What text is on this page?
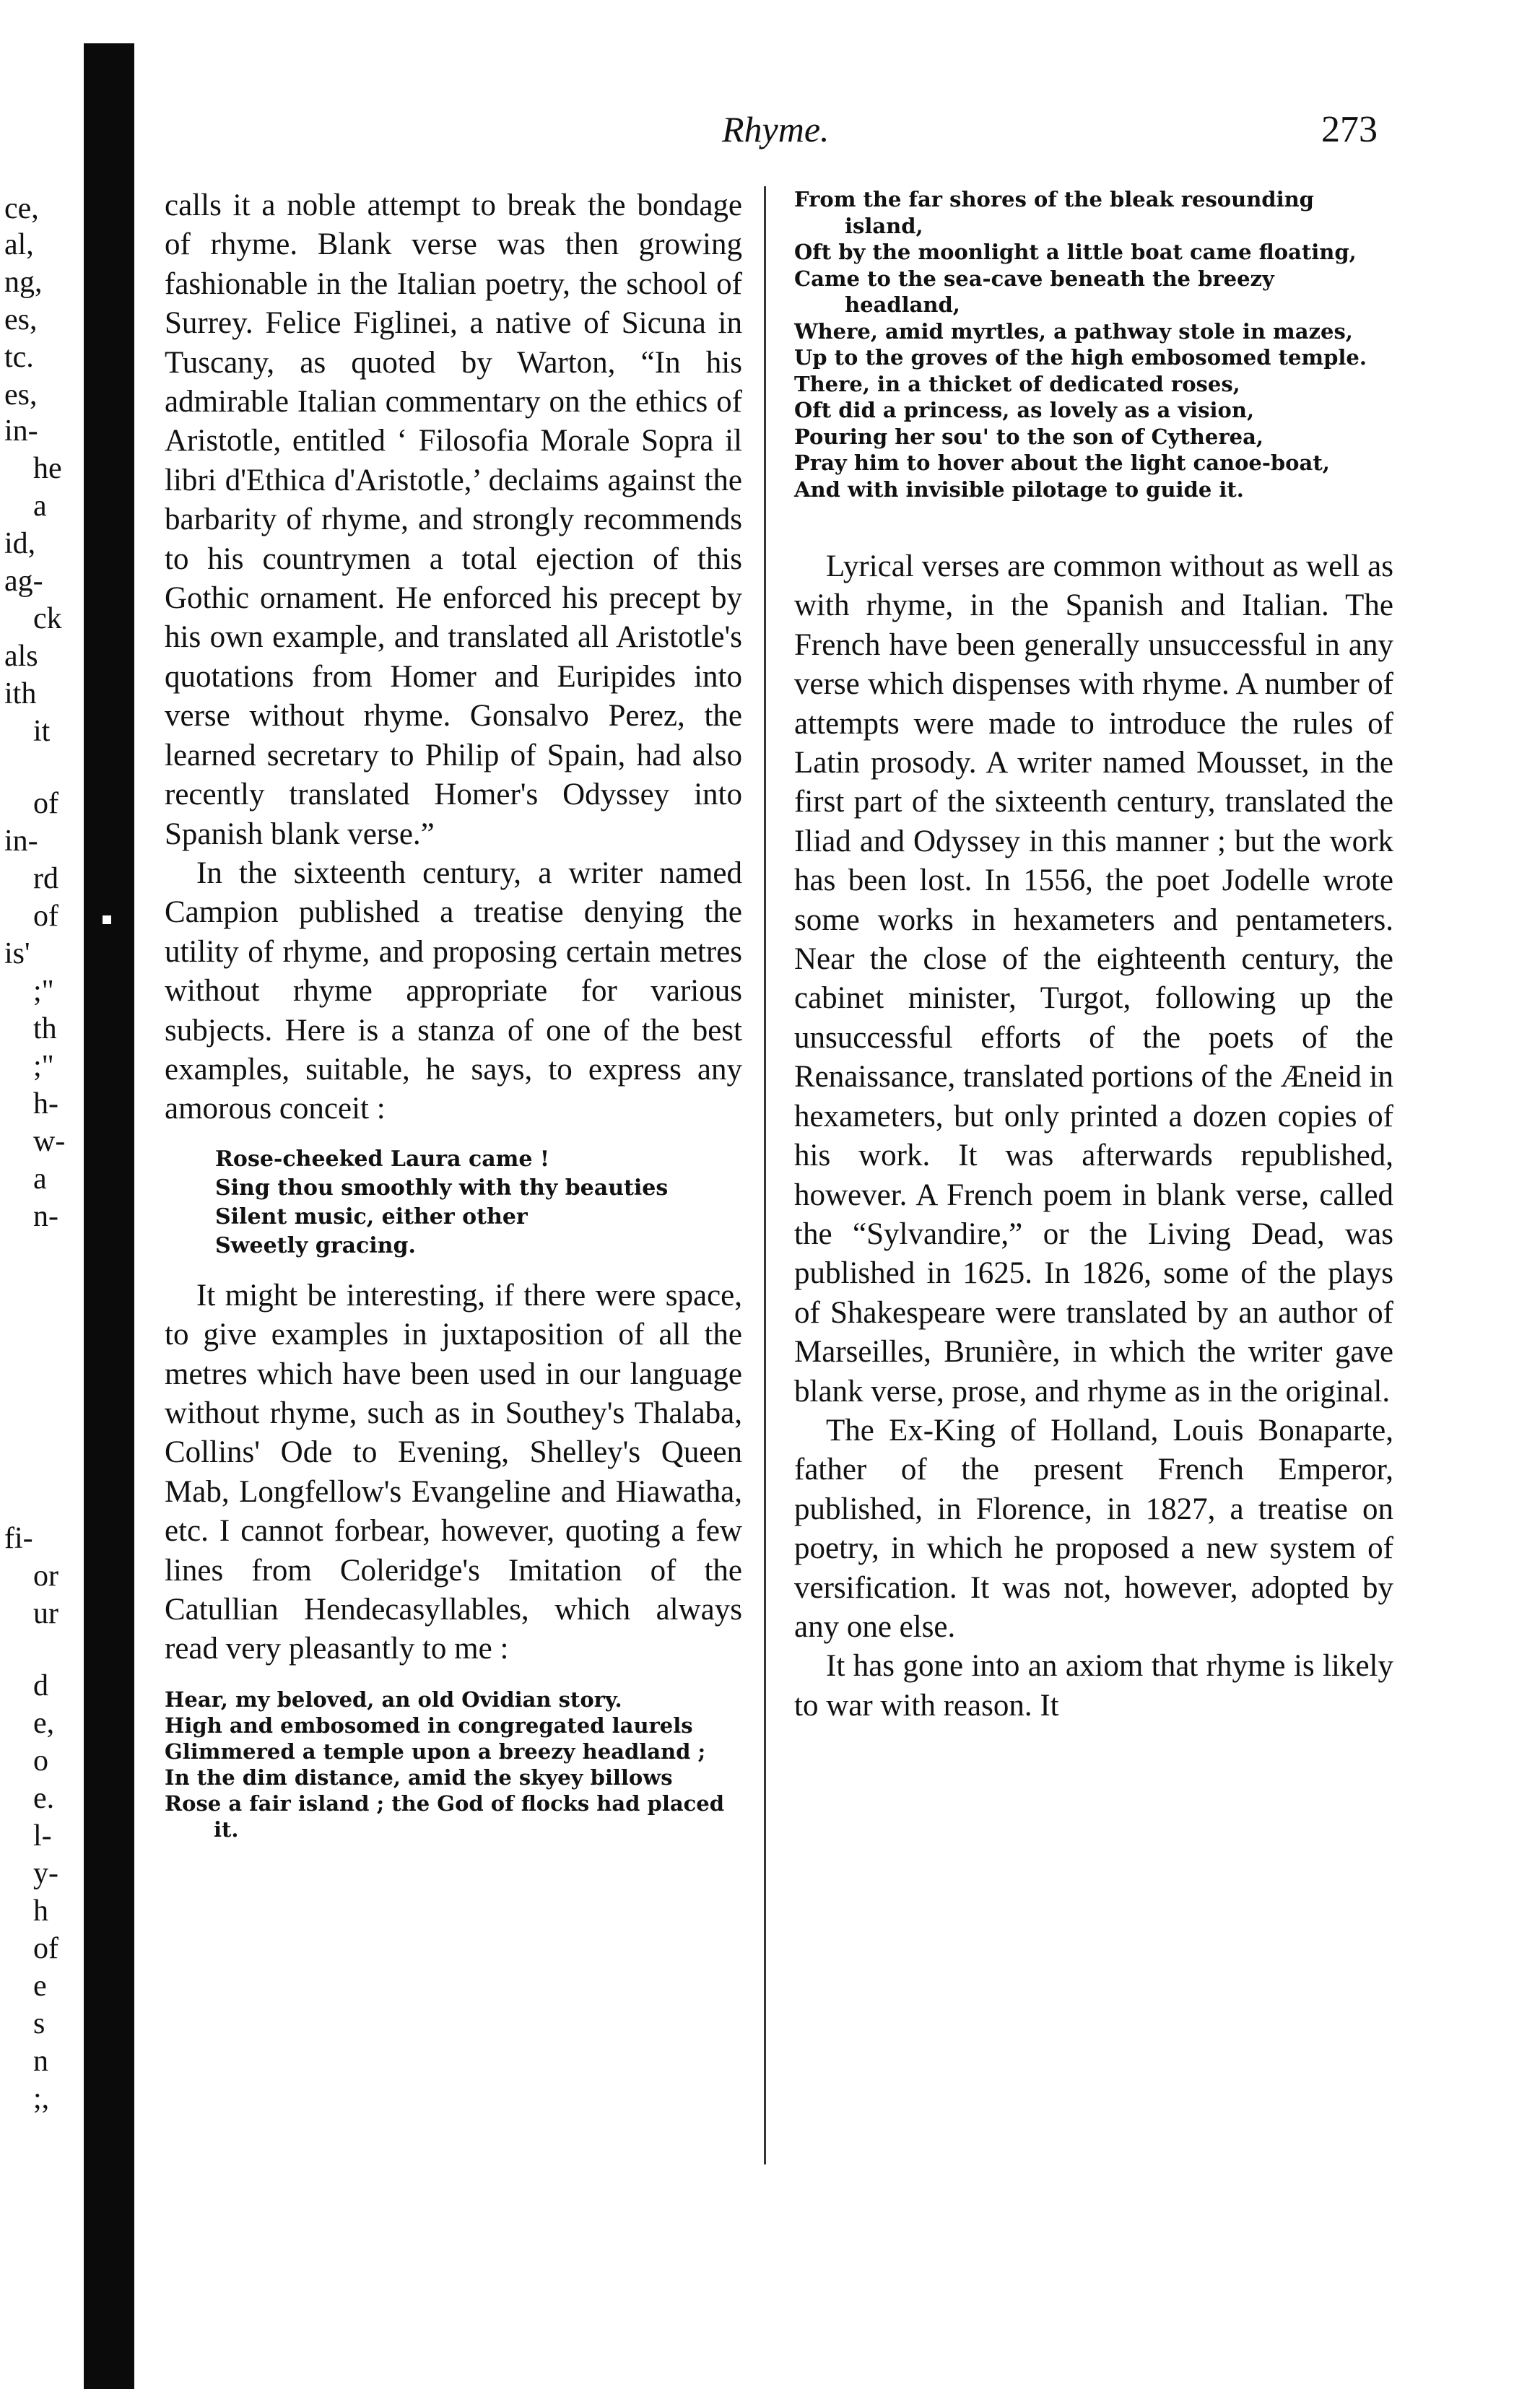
ce,
al,
ng,
es,
tc.
es,
in-
he
a
id,
ag-
ck
als
ith
it
of
in-
rd
of
is'
;"
th
;"
h-
w-
a
n-
fi-
or
ur
d
e,
o
e.
l-
y-
h
of
e
s
n
;,
Rhyme.	273

calls it a noble attempt to break the bondage of rhyme. Blank verse was then growing fashionable in the Italian poetry, the school of Surrey. Felice Figlinei, a native of Sicuna in Tuscany, as quoted by Warton, “In his admirable Italian commentary on the ethics of Aristotle, entitled ‘ Filosofia Morale Sopra il libri d'Ethica d'Aristotle,’ declaims against the barbarity of rhyme, and strongly recommends to his countrymen a total ejection of this Gothic ornament. He enforced his precept by his own example, and translated all Aristotle's quotations from Homer and Euripides into verse without rhyme. Gonsalvo Perez, the learned secretary to Philip of Spain, had also recently translated Homer's Odyssey into Spanish blank verse.”

In the sixteenth century, a writer named Campion published a treatise denying the utility of rhyme, and proposing certain metres without rhyme appropriate for various subjects. Here is a stanza of one of the best examples, suitable, he says, to express any amorous conceit :

Rose-cheeked Laura came !
Sing thou smoothly with thy beauties
Silent music, either other
Sweetly gracing.

It might be interesting, if there were space, to give examples in juxtaposition of all the metres which have been used in our language without rhyme, such as in Southey's Thalaba, Collins' Ode to Evening, Shelley's Queen Mab, Longfellow's Evangeline and Hiawatha, etc. I cannot forbear, however, quoting a few lines from Coleridge's Imitation of the Catullian Hendecasyllables, which always read very pleasantly to me :

Hear, my beloved, an old Ovidian story.
High and embosomed in congregated laurels
Glimmered a temple upon a breezy headland ;
In the dim distance, amid the skyey billows
Rose a fair island ; the God of flocks had placed it.
From the far shores of the bleak resounding island,
Oft by the moonlight a little boat came floating,
Came to the sea-cave beneath the breezy headland,
Where, amid myrtles, a pathway stole in mazes,
Up to the groves of the high embosomed temple.
There, in a thicket of dedicated roses,
Oft did a princess, as lovely as a vision,
Pouring her sou' to the son of Cytherea,
Pray him to hover about the light canoe-boat,
And with invisible pilotage to guide it.

Lyrical verses are common without as well as with rhyme, in the Spanish and Italian. The French have been generally unsuccessful in any verse which dispenses with rhyme. A number of attempts were made to introduce the rules of Latin prosody. A writer named Mousset, in the first part of the sixteenth century, translated the Iliad and Odyssey in this manner ; but the work has been lost. In 1556, the poet Jodelle wrote some works in hexameters and pentameters. Near the close of the eighteenth century, the cabinet minister, Turgot, following up the unsuccessful efforts of the poets of the Renaissance, translated portions of the Æneid in hexameters, but only printed a dozen copies of his work. It was afterwards republished, however. A French poem in blank verse, called the “Sylvandire,” or the Living Dead, was published in 1625. In 1826, some of the plays of Shakespeare were translated by an author of Marseilles, Brunière, in which the writer gave blank verse, prose, and rhyme as in the original.

The Ex-King of Holland, Louis Bonaparte, father of the present French Emperor, published, in Florence, in 1827, a treatise on poetry, in which he proposed a new system of versification. It was not, however, adopted by any one else.

It has gone into an axiom that rhyme is likely to war with reason. It
